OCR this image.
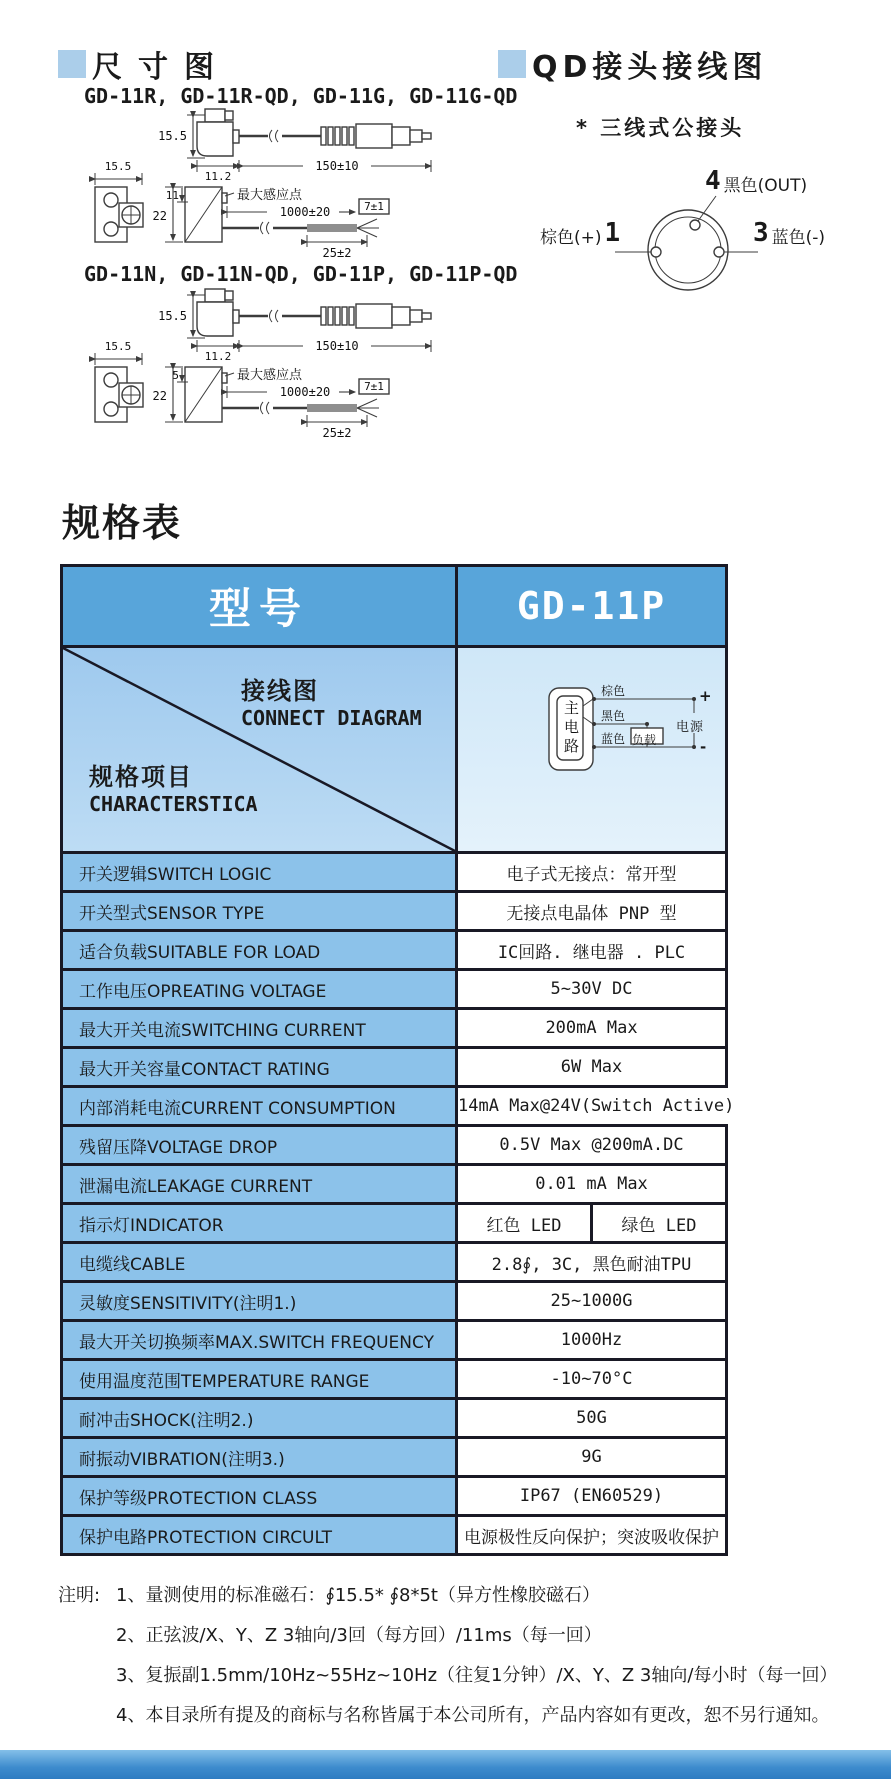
尺寸图	QD接头接线图
GD-11R, GD-11R-QD, GD-11G, GD-11G-QD
GD-11N, GD-11N-QD, GD-11P, GD-11P-QD
15.5
11.2
150±10
15.5
11
22
最大感应点
1000±20	7±1
25±2
15.5
11.2
150±10
15.5
5
22
最大感应点
1000±20	7±1
25±2
* 三线式公接头
4 黑色(OUT)
棕色(+) 1	3 蓝色(-)
规格表
型号	GD-11P
接线图
CONNECT DIAGRAM
规格项目
CHARACTERSTICA
主电路
棕色
黑色
蓝色 负载
电源
+
-
开关逻辑SWITCH LOGIC	电子式无接点：常开型
开关型式SENSOR TYPE	无接点电晶体 PNP 型
适合负载SUITABLE FOR LOAD	IC回路. 继电器 . PLC
工作电压OPREATING VOLTAGE	5~30V DC
最大开关电流SWITCHING CURRENT	200mA Max
最大开关容量CONTACT RATING	6W Max
内部消耗电流CURRENT CONSUMPTION	14mA Max@24V(Switch Active)
残留压降VOLTAGE DROP	0.5V Max @200mA.DC
泄漏电流LEAKAGE CURRENT	0.01 mA Max
指示灯INDICATOR	红色 LED	绿色 LED
电缆线CABLE	2.8∮, 3C, 黑色耐油TPU
灵敏度SENSITIVITY(注明1.)	25~1000G
最大开关切换频率MAX.SWITCH FREQUENCY	1000Hz
使用温度范围TEMPERATURE RANGE	-10~70°C
耐冲击SHOCK(注明2.)	50G
耐振动VIBRATION(注明3.)	9G
保护等级PROTECTION CLASS	IP67 (EN60529)
保护电路PROTECTION CIRCULT	电源极性反向保护；突波吸收保护
注明: 1、量测使用的标准磁石：∮15.5* ∮8*5t（异方性橡胶磁石）
2、正弦波/X、Y、Z 3轴向/3回（每方回）/11ms（每一回）
3、复振副1.5mm/10Hz~55Hz~10Hz（往复1分钟）/X、Y、Z 3轴向/每小时（每一回）
4、本目录所有提及的商标与名称皆属于本公司所有，产品内容如有更改，恕不另行通知。
